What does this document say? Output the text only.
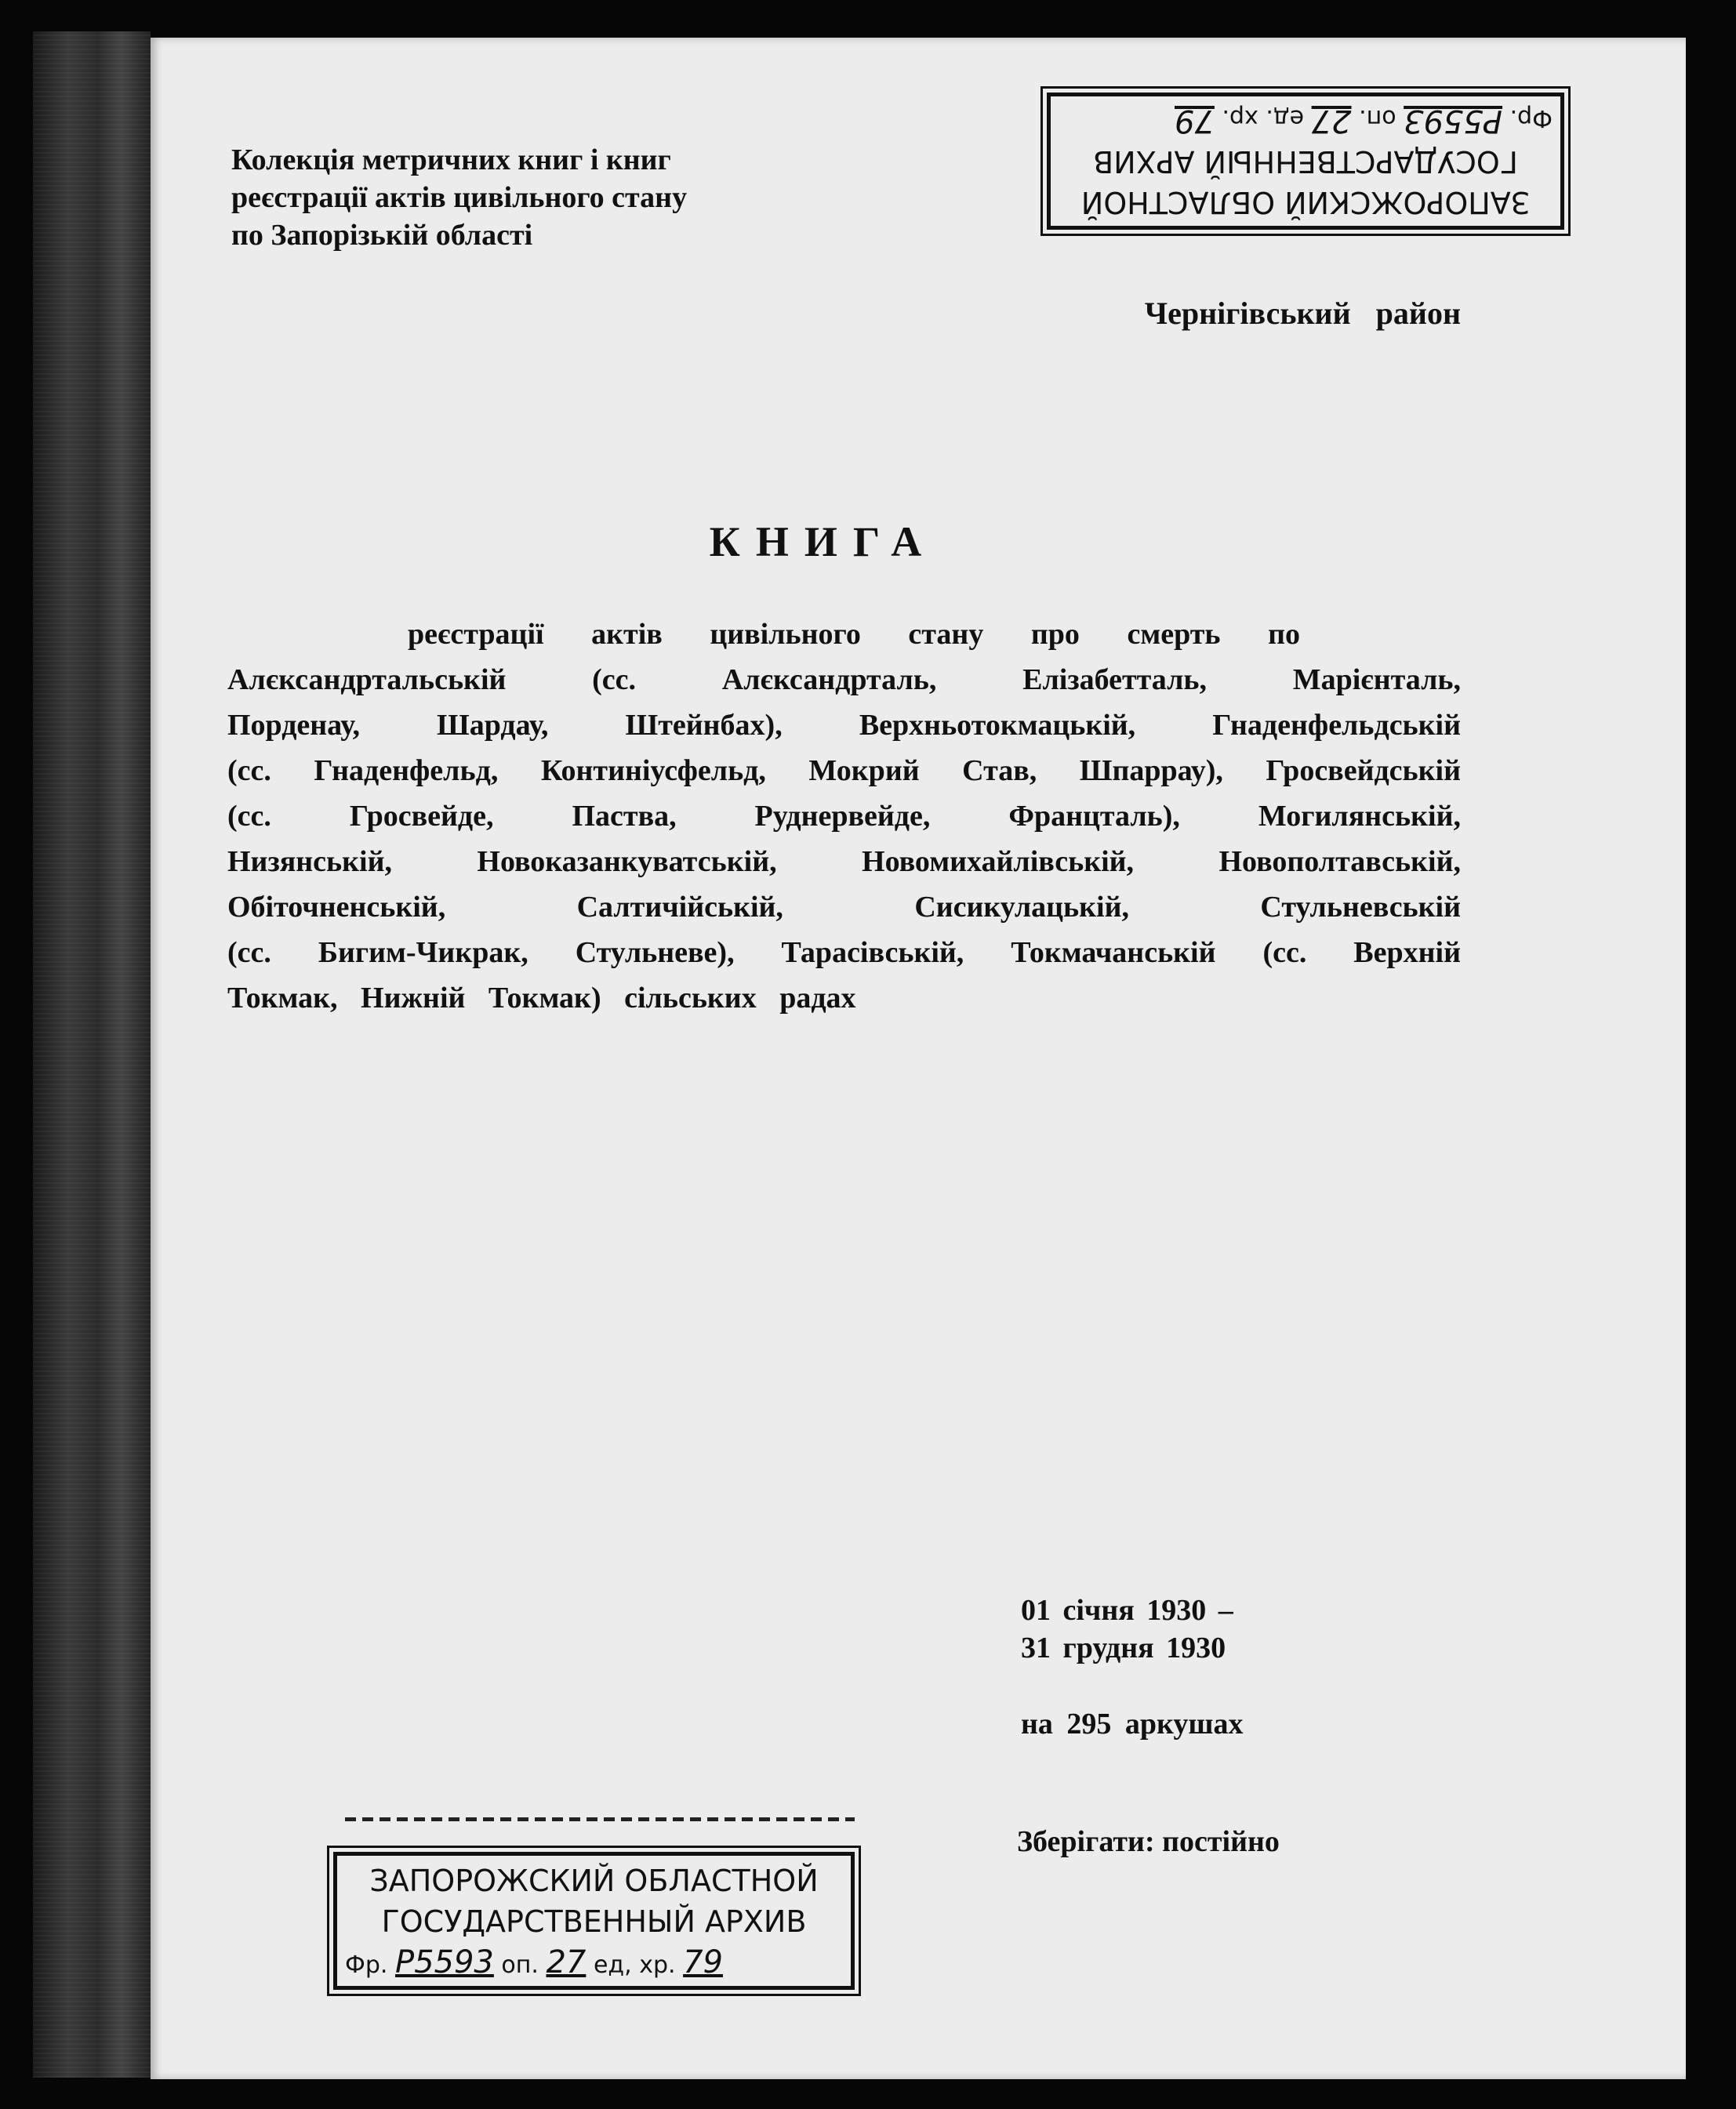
ЗАПОРОЖСКИЙ ОБЛАСТНОЙ
ГОСУДАРСТВЕННЫЙ АРХИВ
Фр. Р5593 оп. 27 ед. хр. 79
Колекція метричних книг і книг
реєстрації актів цивільного стану
по Запорізькій області
Чернігівський район
КНИГА
реєстрації актів цивільного стану про смерть по
Алєксандртальській (сс. Алєксандрталь, Елізабетталь, Марієнталь,
Порденау, Шардау, Штейнбах), Верхньотокмацькій, Гнаденфельдській
(сс. Гнаденфельд, Континіусфельд, Мокрий Став, Шпаррау), Гросвейдській
(сс. Гросвейде, Паства, Руднервейде, Францталь), Могилянській,
Низянській, Новоказанкуватській, Новомихайлівській, Новополтавській,
Обіточненській, Салтичійській, Сисикулацькій, Стульневській
(сс. Бигим-Чикрак, Стульневе), Тарасівській, Токмачанській (сс. Верхній
Токмак, Нижній Токмак) сільських радах
01 січня 1930 –
31 грудня 1930
на 295 аркушах
Зберігати: постійно
ЗАПОРОЖСКИЙ ОБЛАСТНОЙ
ГОСУДАРСТВЕННЫЙ АРХИВ
Фр. Р5593 оп. 27 ед, хр. 79
